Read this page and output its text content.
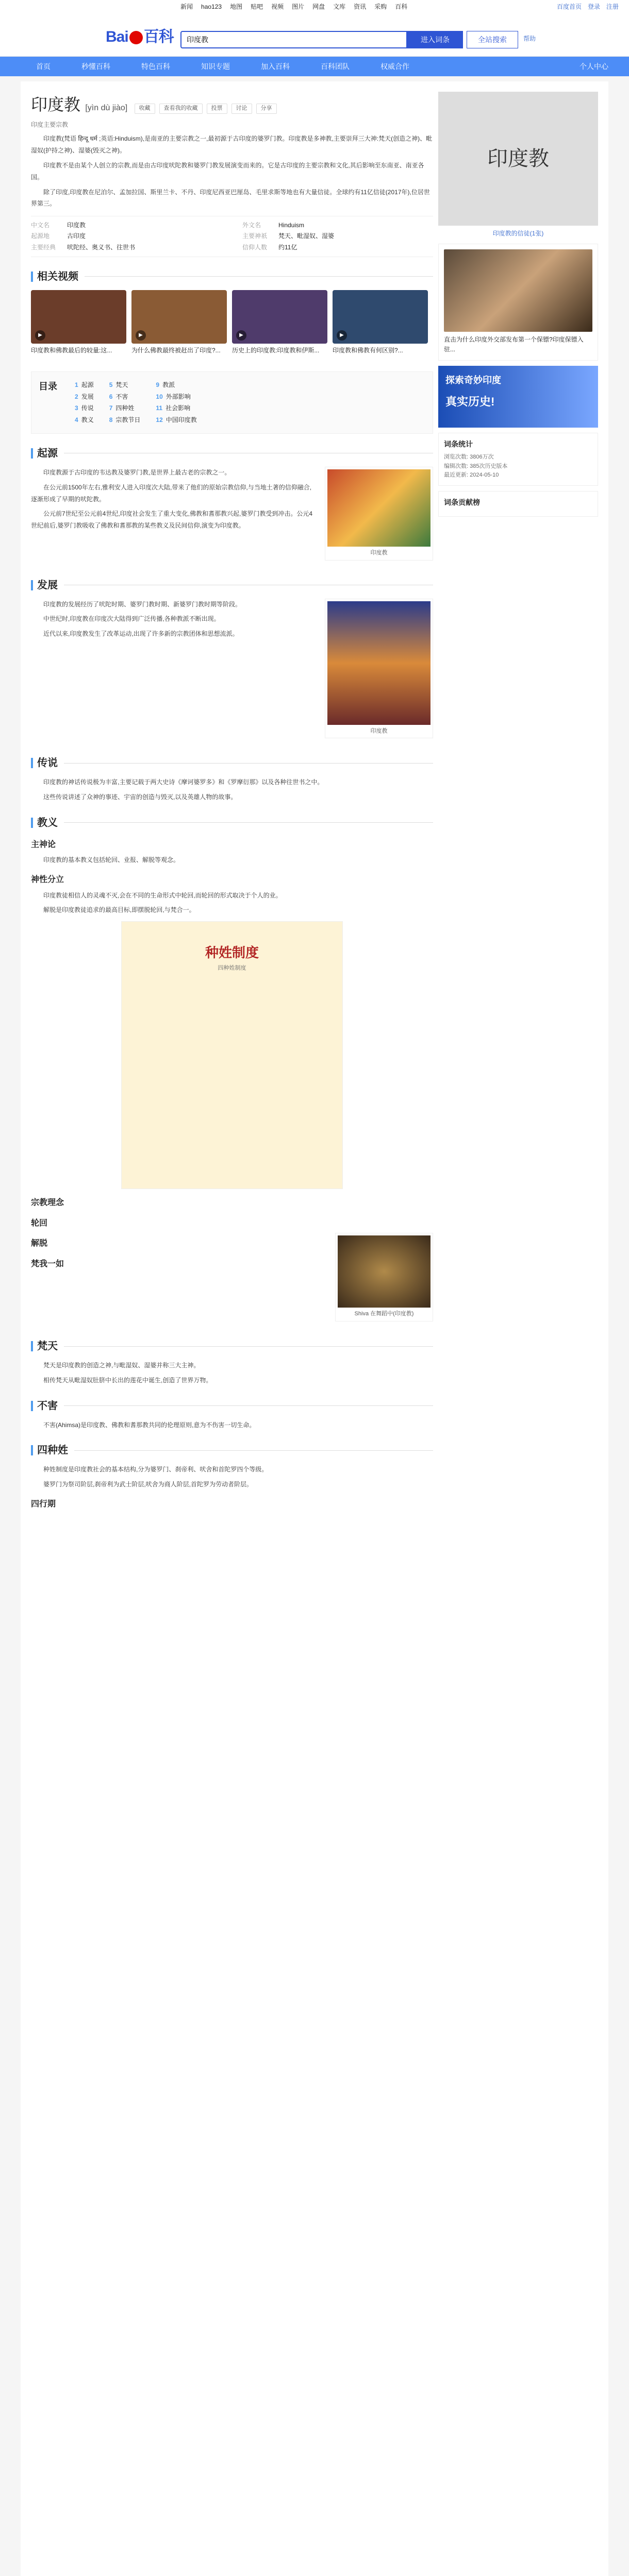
新闻 hao123 地图 贴吧 视频 图片 网盘 文库 资讯 采购 百科	百度首页 登录 注册
Bai 百科
印度教	进入词条	全站搜索	帮助
首页	秒懂百科	特色百科	知识专题	加入百科	百科团队	权威合作	个人中心
印度教 [yìn dù jiào]	收藏	查看我的收藏	投票	讨论	分享
印度主要宗教

印度教(梵语 हिन्दू धर्म ;英语:Hinduism),是南亚的主要宗教之一,最初源于古印度的婆罗门教。印度教是多神教,主要崇拜三大神:梵天(创造之神)、毗湿奴(护持之神)、湿婆(毁灭之神)。

印度教不是由某个人创立的宗教,而是由古印度吠陀教和婆罗门教发展演变而来的。它是古印度的主要宗教和文化,其后影响至东南亚、南亚各国。

除了印度,印度教在尼泊尔、孟加拉国、斯里兰卡、不丹、印度尼西亚巴厘岛、毛里求斯等地也有大量信徒。全球约有11亿信徒(2017年),位居世界第三。

中文名	印度教	外文名	Hinduism
起源地	古印度	主要神祇	梵天、毗湿奴、湿婆
主要经典	吠陀经、奥义书、往世书	信仰人数	约11亿
相关视频
▶
印度教和佛教最后的较量:这...
▶
为什么佛教最终被赶出了印度?...
▶
历史上的印度教:印度教和伊斯...
▶
印度教和佛教有何区别?...
目录	1 起源
2 发展
3 传说
4 教义
5 梵天
6 不害
7 四种姓
8 宗教节日
9 教派
10 外部影响
11 社会影响
12 中国印度教
起源
印度教

印度教源于古印度的韦达教及婆罗门教,是世界上最古老的宗教之一。

在公元前1500年左右,雅利安人进入印度次大陆,带来了他们的原始宗教信仰,与当地土著的信仰融合,逐渐形成了早期的吠陀教。

公元前7世纪至公元前4世纪,印度社会发生了重大变化,佛教和耆那教兴起,婆罗门教受到冲击。公元4世纪前后,婆罗门教吸收了佛教和耆那教的某些教义及民间信仰,演变为印度教。

发展
印度教

印度教的发展经历了吠陀时期、婆罗门教时期、新婆罗门教时期等阶段。

中世纪时,印度教在印度次大陆得到广泛传播,各种教派不断出现。

近代以来,印度教发生了改革运动,出现了许多新的宗教团体和思想流派。

传说

印度教的神话传说极为丰富,主要记载于两大史诗《摩诃婆罗多》和《罗摩衍那》以及各种往世书之中。

这些传说讲述了众神的事迹、宇宙的创造与毁灭,以及英雄人物的故事。

教义
主神论

印度教的基本教义包括轮回、业报、解脱等观念。

神性分立

印度教徒相信人的灵魂不灭,会在不同的生命形式中轮回,而轮回的形式取决于个人的业。

解脱是印度教徒追求的最高目标,即摆脱轮回,与梵合一。

种姓制度
四种姓制度
宗教理念
轮回
Shiva 在舞蹈中(印度教)
解脱
梵我一如
梵天

梵天是印度教的创造之神,与毗湿奴、湿婆并称三大主神。

相传梵天从毗湿奴肚脐中长出的莲花中诞生,创造了世界万物。

不害

不害(Ahimsa)是印度教、佛教和耆那教共同的伦理原则,意为不伤害一切生命。

四种姓

种姓制度是印度教社会的基本结构,分为婆罗门、刹帝利、吠舍和首陀罗四个等级。

婆罗门为祭司阶层,刹帝利为武士阶层,吠舍为商人阶层,首陀罗为劳动者阶层。

四行期
印度教
印度教的信徒(1张)
直击为什么印度外交部发布第一个保镖?印度保镖入驻...
探索奇妙印度
真实历史!
词条统计
浏览次数: 3806万次
编辑次数: 385次历史版本
最近更新: 2024-05-10
词条贡献榜
